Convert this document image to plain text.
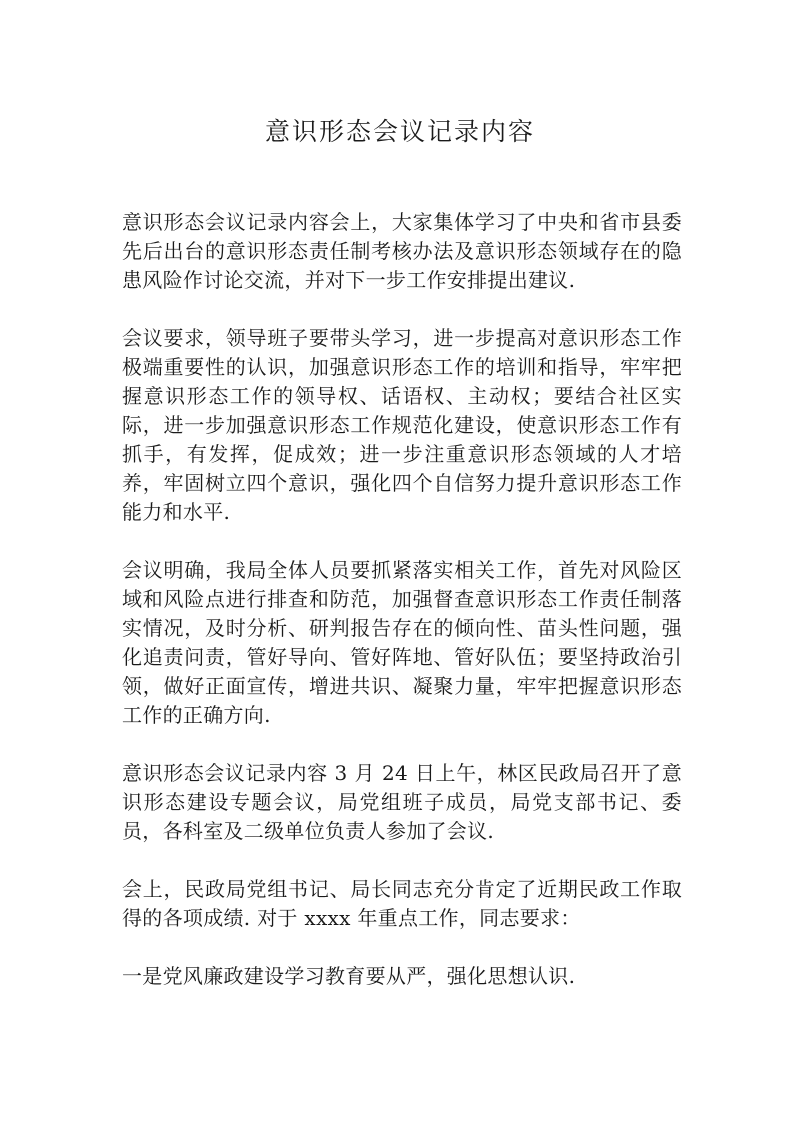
意识形态会议记录内容

意识形态会议记录内容会上，大家集体学习了中央和省市县委先后出台的意识形态责任制考核办法及意识形态领域存在的隐患风险作讨论交流，并对下一步工作安排提出建议.

会议要求，领导班子要带头学习，进一步提高对意识形态工作极端重要性的认识，加强意识形态工作的培训和指导，牢牢把握意识形态工作的领导权、话语权、主动权；要结合社区实际，进一步加强意识形态工作规范化建设，使意识形态工作有抓手，有发挥，促成效；进一步注重意识形态领域的人才培养，牢固树立四个意识，强化四个自信努力提升意识形态工作能力和水平.

会议明确，我局全体人员要抓紧落实相关工作，首先对风险区域和风险点进行排查和防范，加强督查意识形态工作责任制落实情况，及时分析、研判报告存在的倾向性、苗头性问题，强化追责问责，管好导向、管好阵地、管好队伍；要坚持政治引领，做好正面宣传，增进共识、凝聚力量，牢牢把握意识形态工作的正确方向.

意识形态会议记录内容 3 月 24 日上午，林区民政局召开了意识形态建设专题会议，局党组班子成员，局党支部书记、委员，各科室及二级单位负责人参加了会议.

会上，民政局党组书记、局长同志充分肯定了近期民政工作取得的各项成绩. 对于 xxxx 年重点工作，同志要求：

一是党风廉政建设学习教育要从严，强化思想认识.
